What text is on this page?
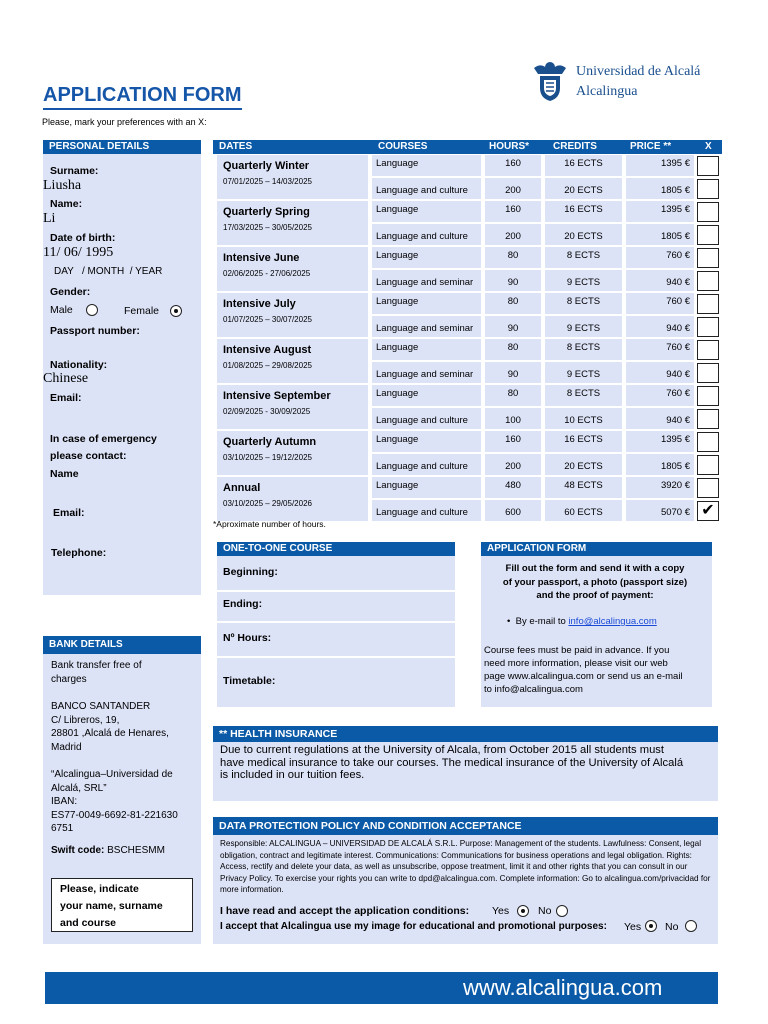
APPLICATION FORM
Please, mark your preferences with an X:
Universidad de Alcalá
Alcalingua
PERSONAL DETAILS
Surname:
Liusha
Name:
Li
Date of birth:
11/ 06/ 1995
DAY   / MONTH  / YEAR
Gender:
Male	Female
Passport number:
Nationality:
Chinese
Email:
In case of emergency
please contact:
Name
Email:
Telephone:
BANK DETAILS
Bank transfer free of
charges
BANCO SANTANDER
C/ Libreros, 19,
28801 ,Alcalá de Henares,
Madrid
“Alcalingua–Universidad de
Alcalá, SRL”
IBAN:
ES77-0049-6692-81-221630
6751
Swift code: BSCHESMM
Please, indicate
your name, surname
and course
DATES	COURSES	HOURS*	CREDITS	PRICE **	X
Quarterly Winter
07/01/2025 – 14/03/2025
Language	160	16 ECTS	1395 €
Language and culture	200	20 ECTS	1805 €
Quarterly Spring
17/03/2025 – 30/05/2025
Language	160	16 ECTS	1395 €
Language and culture	200	20 ECTS	1805 €
Intensive June
02/06/2025 - 27/06/2025
Language	80	8 ECTS	760 €
Language and seminar	90	9 ECTS	940 €
Intensive July
01/07/2025 – 30/07/2025
Language	80	8 ECTS	760 €
Language and seminar	90	9 ECTS	940 €
Intensive August
01/08/2025 – 29/08/2025
Language	80	8 ECTS	760 €
Language and seminar	90	9 ECTS	940 €
Intensive September
02/09/2025 - 30/09/2025
Language	80	8 ECTS	760 €
Language and culture	100	10 ECTS	940 €
Quarterly Autumn
03/10/2025 – 19/12/2025
Language	160	16 ECTS	1395 €
Language and culture	200	20 ECTS	1805 €
Annual
03/10/2025 – 29/05/2026
Language	480	48 ECTS	3920 €
Language and culture	600	60 ECTS	5070 € ✔
*Aproximate number of hours.
ONE-TO-ONE COURSE
Beginning:
Ending:
Nº Hours:
Timetable:
APPLICATION FORM
Fill out the form and send it with a copy
of your passport, a photo (passport size)
and the proof of payment:
•  By e-mail to info@alcalingua.com
Course fees must be paid in advance. If you
need more information, please visit our web
page www.alcalingua.com or send us an e-mail
to info@alcalingua.com
** HEALTH INSURANCE
Due to current regulations at the University of Alcala, from October 2015 all students must have medical insurance to take our courses. The medical insurance of the University of Alcalá is included in our tuition fees.
DATA PROTECTION POLICY AND CONDITION ACCEPTANCE
Responsible: ALCALINGUA – UNIVERSIDAD DE ALCALÁ S.R.L. Purpose: Management of the students. Lawfulness: Consent, legal obligation, contract and legitimate interest. Communications: Communications for business operations and legal obligation. Rights: Access, rectify and delete your data, as well as unsubscribe, oppose treatment, limit it and other rights that you can consult in our Privacy Policy. To exercise your rights you can write to dpd@alcalingua.com. Complete information: Go to alcalingua.com/privacidad for more information.
I have read and accept the application conditions: Yes	No
I accept that Alcalingua use my image for educational and promotional purposes: Yes No
www.alcalingua.com
